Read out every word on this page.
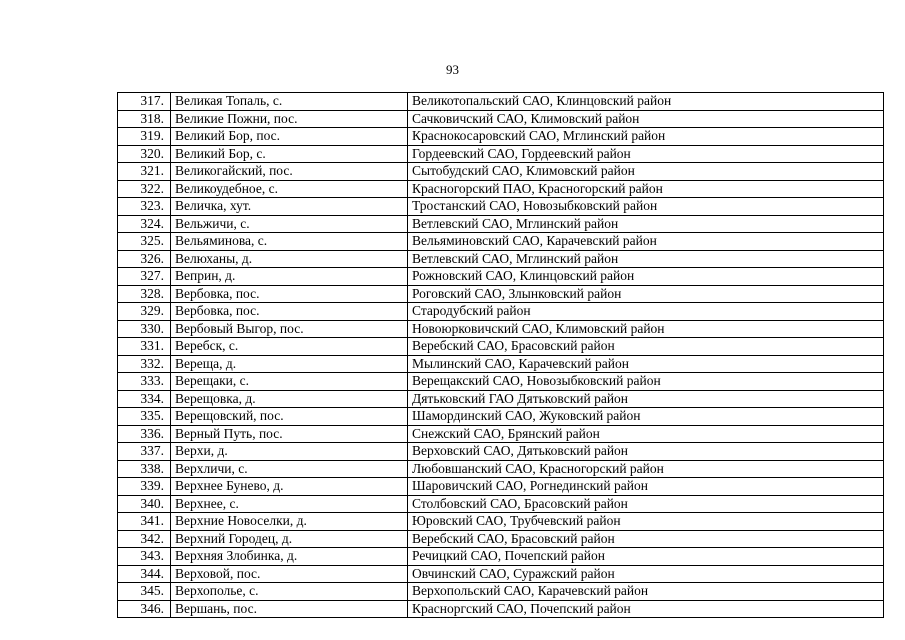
93
317.	Великая Топаль, с.	Великотопальский САО, Клинцовский район
318.	Великие Пожни, пос.	Сачковичский САО, Климовский район
319.	Великий Бор, пос.	Краснокосаровский САО, Мглинский район
320.	Великий Бор, с.	Гордеевский САО, Гордеевский район
321.	Великогайский, пос.	Сытобудский САО, Климовский район
322.	Великоудебное, с.	Красногорский ПАО, Красногорский район
323.	Величка, хут.	Тростанский САО, Новозыбковский район
324.	Вельжичи, с.	Ветлевский САО, Мглинский район
325.	Вельяминова, с.	Вельяминовский САО, Карачевский район
326.	Велюханы, д.	Ветлевский САО, Мглинский район
327.	Веприн, д.	Рожновский САО, Клинцовский район
328.	Вербовка, пос.	Роговский САО, Злынковский район
329.	Вербовка, пос.	Стародубский район
330.	Вербовый Выгор, пос.	Новоюрковичский САО, Климовский район
331.	Веребск, с.	Веребский САО, Брасовский район
332.	Вереща, д.	Мылинский САО, Карачевский район
333.	Верещаки, с.	Верещакский САО, Новозыбковский район
334.	Верещовка, д.	Дятьковский ГАО Дятьковский район
335.	Верещовский, пос.	Шамординский САО, Жуковский район
336.	Верный Путь, пос.	Снежский САО, Брянский район
337.	Верхи, д.	Верховский САО, Дятьковский район
338.	Верхличи, с.	Любовшанский САО, Красногорский район
339.	Верхнее Бунево, д.	Шаровичский САО, Рогнединский район
340.	Верхнее, с.	Столбовский САО, Брасовский район
341.	Верхние Новоселки, д.	Юровский САО, Трубчевский район
342.	Верхний Городец, д.	Веребский САО, Брасовский район
343.	Верхняя Злобинка, д.	Речицкий САО, Почепский район
344.	Верховой, пос.	Овчинский САО, Суражский район
345.	Верхополье, с.	Верхопольский САО, Карачевский район
346.	Вершань, пос.	Красноргский САО, Почепский район
